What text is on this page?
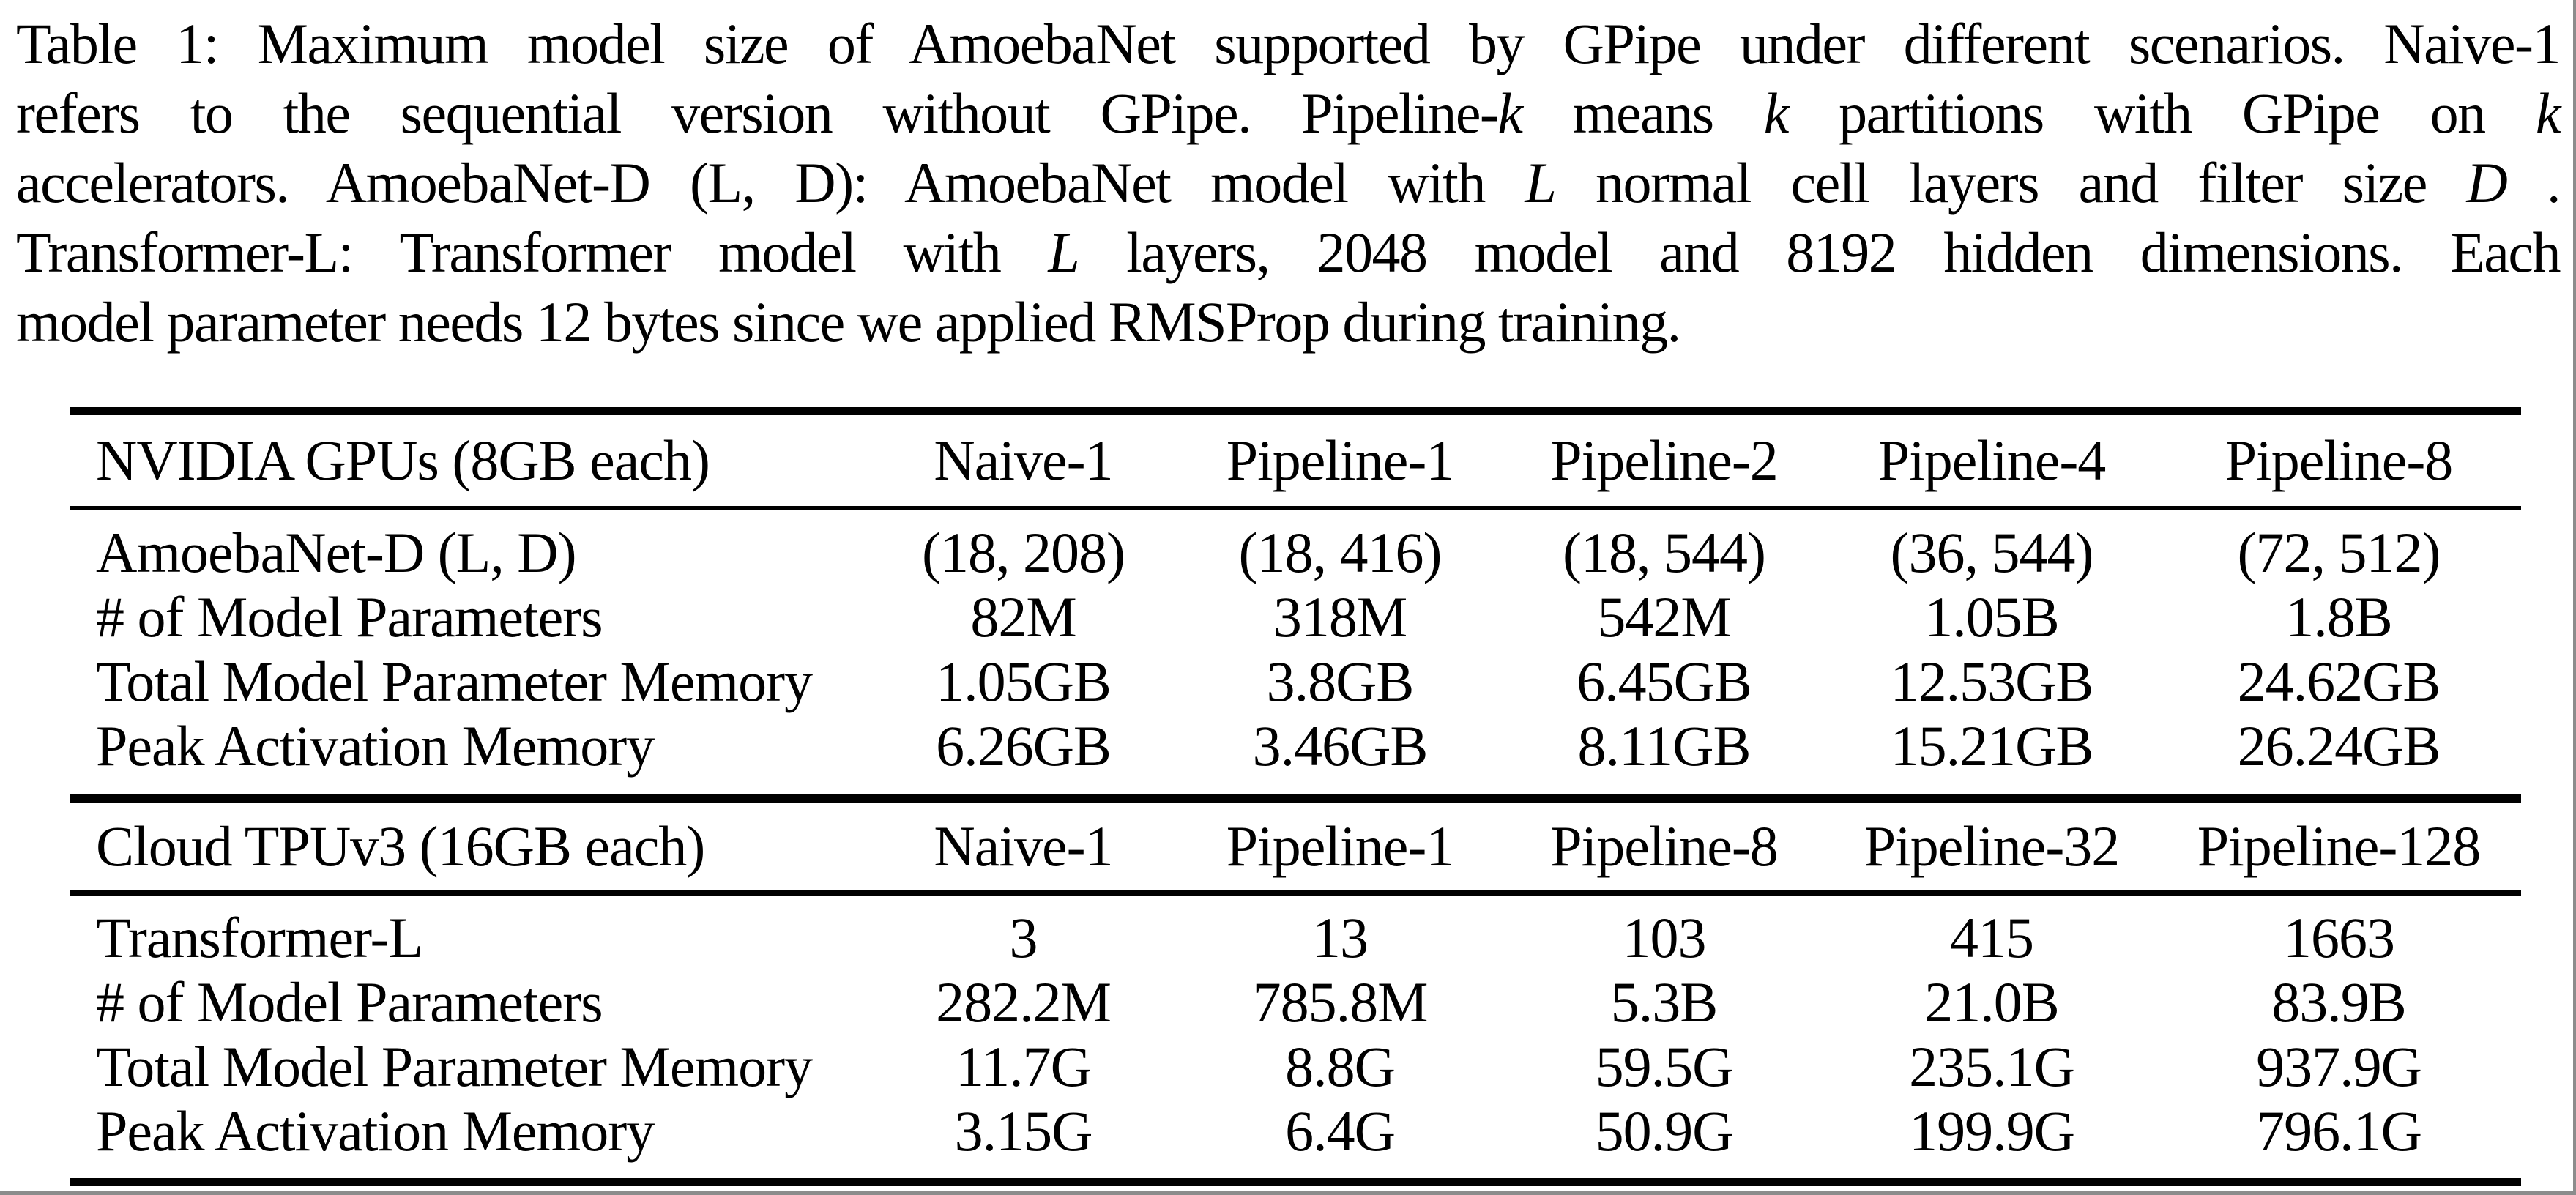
Table 1: Maximum model size of AmoebaNet supported by GPipe under different scenarios. Naive-1
refers to the sequential version without GPipe. Pipeline-k means k partitions with GPipe on k
accelerators. AmoebaNet-D (L, D): AmoebaNet model with L normal cell layers and filter size D .
Transformer-L: Transformer model with L layers, 2048 model and 8192 hidden dimensions. Each
model parameter needs 12 bytes since we applied RMSProp during training.
NVIDIA GPUs (8GB each)	Naive-1	Pipeline-1	Pipeline-2	Pipeline-4	Pipeline-8
AmoebaNet-D (L, D)	(18, 208)	(18, 416)	(18, 544)	(36, 544)	(72, 512)
# of Model Parameters	82M	318M	542M	1.05B	1.8B
Total Model Parameter Memory	1.05GB	3.8GB	6.45GB	12.53GB	24.62GB
Peak Activation Memory	6.26GB	3.46GB	8.11GB	15.21GB	26.24GB
Cloud TPUv3 (16GB each)	Naive-1	Pipeline-1	Pipeline-8	Pipeline-32	Pipeline-128
Transformer-L	3	13	103	415	1663
# of Model Parameters	282.2M	785.8M	5.3B	21.0B	83.9B
Total Model Parameter Memory	11.7G	8.8G	59.5G	235.1G	937.9G
Peak Activation Memory	3.15G	6.4G	50.9G	199.9G	796.1G
